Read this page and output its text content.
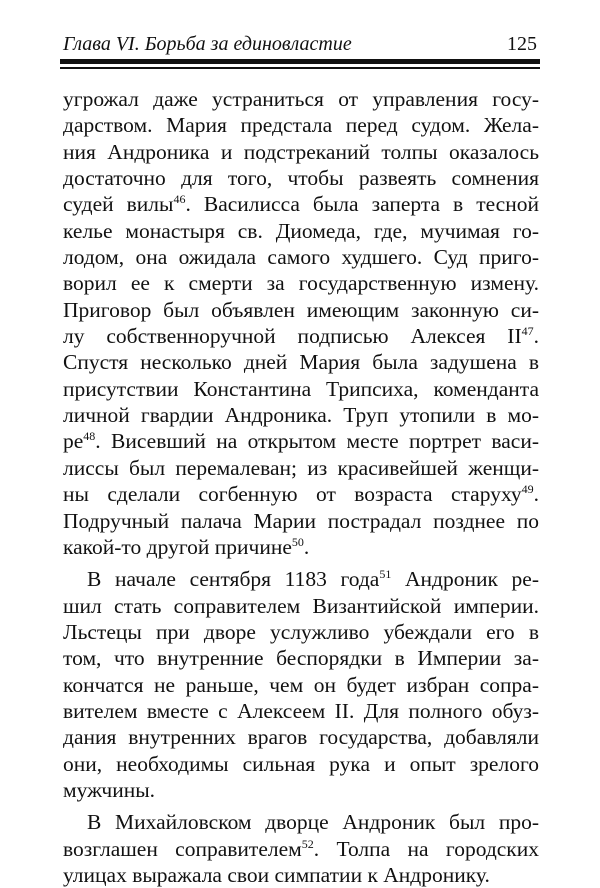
Глава VI. Борьба за единовластие	125

угрожал даже устраниться от управления госу-
дарством. Мария предстала перед судом. Жела-
ния Андроника и подстреканий толпы оказалось
достаточно для того, чтобы развеять сомнения
судей вилы$^{46}$. Василисса была заперта в тесной
келье монастыря св. Диомеда, где, мучимая го-
лодом, она ожидала самого худшего. Суд приго-
ворил ее к смерти за государственную измену.
Приговор был объявлен имеющим законную си-
лу собственноручной подписью Алексея II$^{47}$.
Спустя несколько дней Мария была задушена в
присутствии Константина Трипсиха, коменданта
личной гвардии Андроника. Труп утопили в мо-
$ре^{48}$. Висевший на открытом месте портрет васи-
лиссы был перемалеван; из красивейшей женщи-
ны сделали согбенную от возраста старуху$^{49}$.
Подручный палача Марии пострадал позднее по
какой-то другой причине$^{50}$.

В начале сентября 1183 года$^{51}$ Андроник ре-
шил стать соправителем Византийской империи.
Льстецы при дворе услужливо убеждали его в
том, что внутренние беспорядки в Империи за-
кончатся не раньше, чем он будет избран сопра-
вителем вместе с Алексеем II. Для полного обуз-
дания внутренних врагов государства, добавляли
они, необходимы сильная рука и опыт зрелого
мужчины.

В Михайловском дворце Андроник был про-
возглашен соправителем$^{52}$. Толпа на городских
улицах выражала свои симпатии к Андронику.
